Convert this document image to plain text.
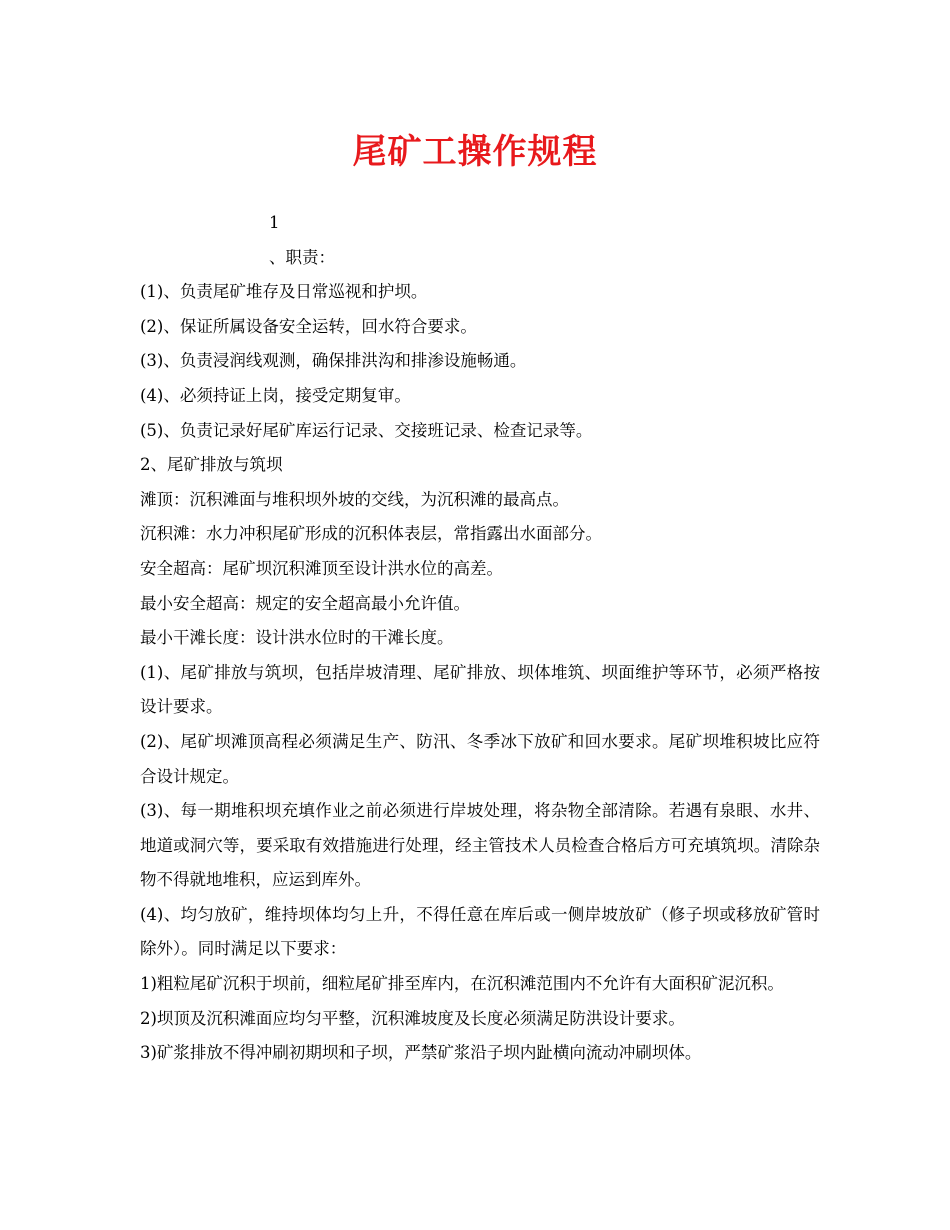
尾矿工操作规程

1

、职责：

(1)、负责尾矿堆存及日常巡视和护坝。

(2)、保证所属设备安全运转，回水符合要求。

(3)、负责浸润线观测，确保排洪沟和排渗设施畅通。

(4)、必须持证上岗，接受定期复审。

(5)、负责记录好尾矿库运行记录、交接班记录、检查记录等。

2、尾矿排放与筑坝

滩顶：沉积滩面与堆积坝外坡的交线，为沉积滩的最高点。

沉积滩：水力冲积尾矿形成的沉积体表层，常指露出水面部分。

安全超高：尾矿坝沉积滩顶至设计洪水位的高差。

最小安全超高：规定的安全超高最小允许值。

最小干滩长度：设计洪水位时的干滩长度。

(1)、尾矿排放与筑坝，包括岸坡清理、尾矿排放、坝体堆筑、坝面维护等环节，必须严格按设计要求。

(2)、尾矿坝滩顶高程必须满足生产、防汛、冬季冰下放矿和回水要求。尾矿坝堆积坡比应符合设计规定。

(3)、每一期堆积坝充填作业之前必须进行岸坡处理，将杂物全部清除。若遇有泉眼、水井、地道或洞穴等，要采取有效措施进行处理，经主管技术人员检查合格后方可充填筑坝。清除杂物不得就地堆积，应运到库外。

(4)、均匀放矿，维持坝体均匀上升，不得任意在库后或一侧岸坡放矿（修子坝或移放矿管时除外）。同时满足以下要求：

1)粗粒尾矿沉积于坝前，细粒尾矿排至库内，在沉积滩范围内不允许有大面积矿泥沉积。

2)坝顶及沉积滩面应均匀平整，沉积滩坡度及长度必须满足防洪设计要求。

3)矿浆排放不得冲刷初期坝和子坝，严禁矿浆沿子坝内趾横向流动冲刷坝体。
